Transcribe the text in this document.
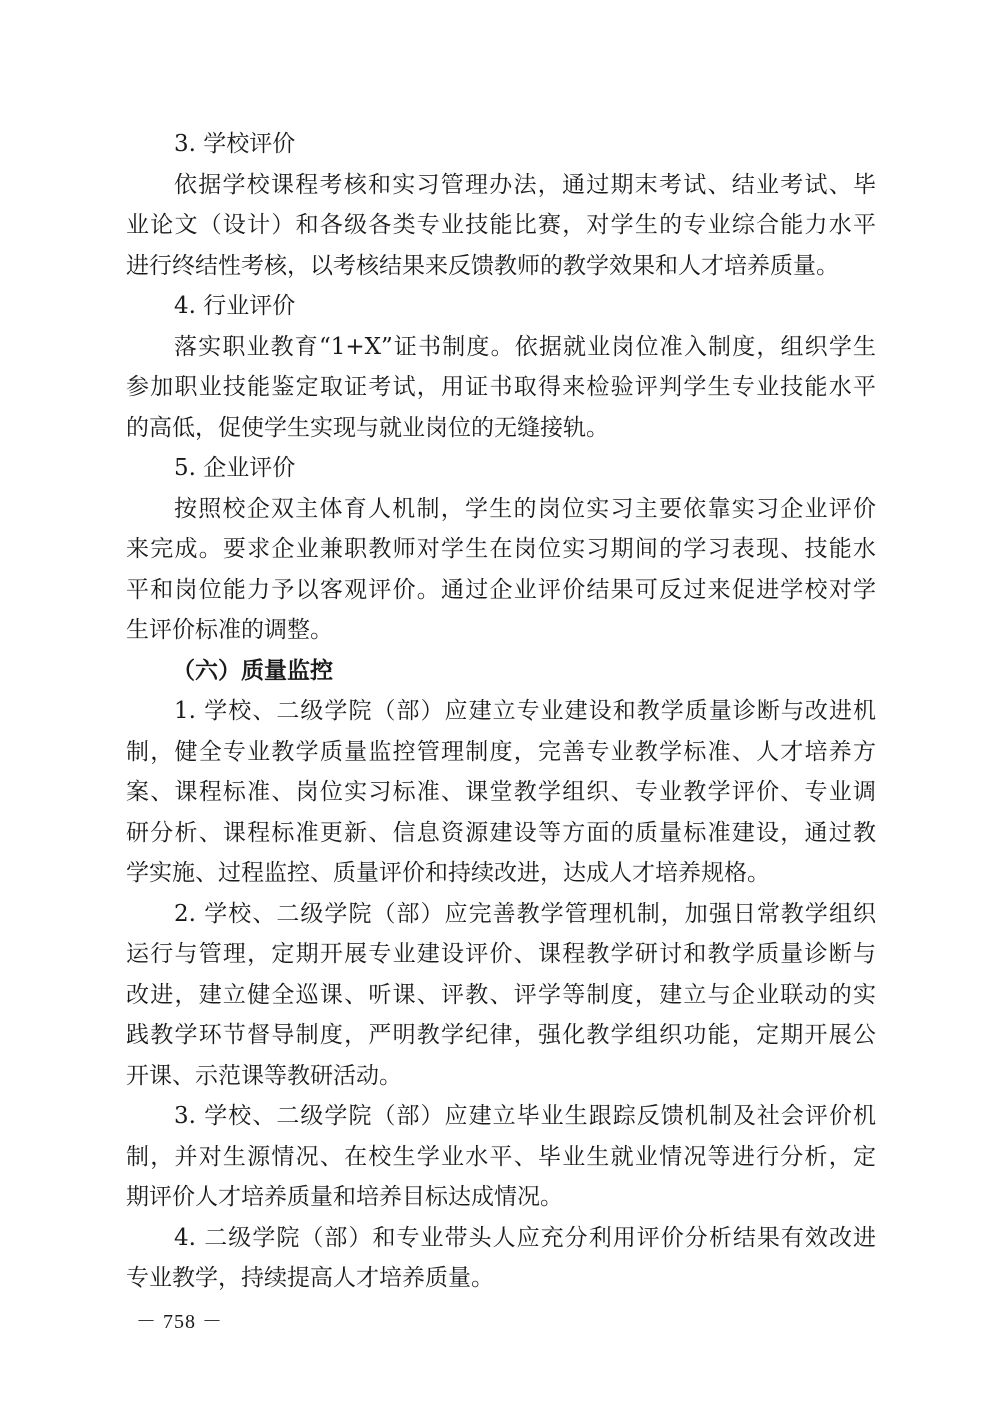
3. 学校评价
依据学校课程考核和实习管理办法，通过期末考试、结业考试、毕
业论文（设计）和各级各类专业技能比赛，对学生的专业综合能力水平
进行终结性考核，以考核结果来反馈教师的教学效果和人才培养质量。
4. 行业评价
落实职业教育“1+X”证书制度。依据就业岗位准入制度，组织学生
参加职业技能鉴定取证考试，用证书取得来检验评判学生专业技能水平
的高低，促使学生实现与就业岗位的无缝接轨。
5. 企业评价
按照校企双主体育人机制，学生的岗位实习主要依靠实习企业评价
来完成。要求企业兼职教师对学生在岗位实习期间的学习表现、技能水
平和岗位能力予以客观评价。通过企业评价结果可反过来促进学校对学
生评价标准的调整。
（六）质量监控
1. 学校、二级学院（部）应建立专业建设和教学质量诊断与改进机
制，健全专业教学质量监控管理制度，完善专业教学标准、人才培养方
案、课程标准、岗位实习标准、课堂教学组织、专业教学评价、专业调
研分析、课程标准更新、信息资源建设等方面的质量标准建设，通过教
学实施、过程监控、质量评价和持续改进，达成人才培养规格。
2. 学校、二级学院（部）应完善教学管理机制，加强日常教学组织
运行与管理，定期开展专业建设评价、课程教学研讨和教学质量诊断与
改进，建立健全巡课、听课、评教、评学等制度，建立与企业联动的实
践教学环节督导制度，严明教学纪律，强化教学组织功能，定期开展公
开课、示范课等教研活动。
3. 学校、二级学院（部）应建立毕业生跟踪反馈机制及社会评价机
制，并对生源情况、在校生学业水平、毕业生就业情况等进行分析，定
期评价人才培养质量和培养目标达成情况。
4. 二级学院（部）和专业带头人应充分利用评价分析结果有效改进
专业教学，持续提高人才培养质量。
－ 758 －
